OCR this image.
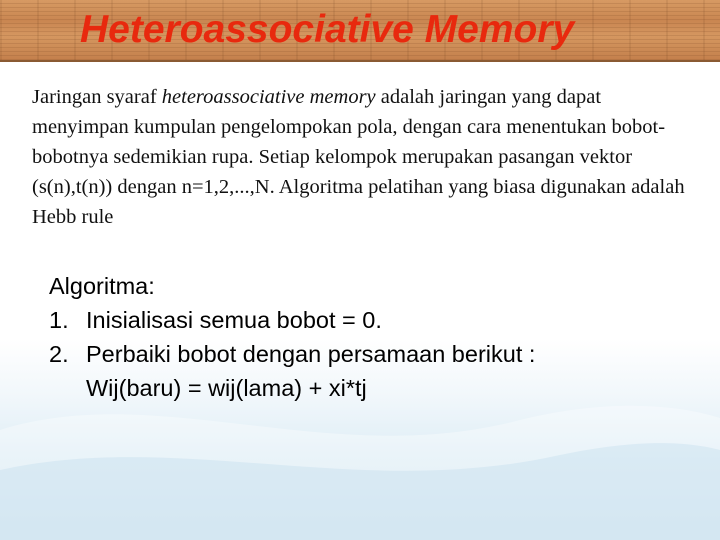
Heteroassociative Memory

Jaringan syaraf heteroassociative memory adalah jaringan yang dapat menyimpan kumpulan pengelompokan pola, dengan cara menentukan bobot-bobotnya sedemikian rupa. Setiap kelompok merupakan pasangan vektor (s(n),t(n)) dengan n=1,2,...,N. Algoritma pelatihan yang biasa digunakan adalah Hebb rule

Algoritma:
1. Inisialisasi semua bobot = 0.
2. Perbaiki bobot dengan persamaan berikut :
Wij(baru) = wij(lama) + xi*tj
